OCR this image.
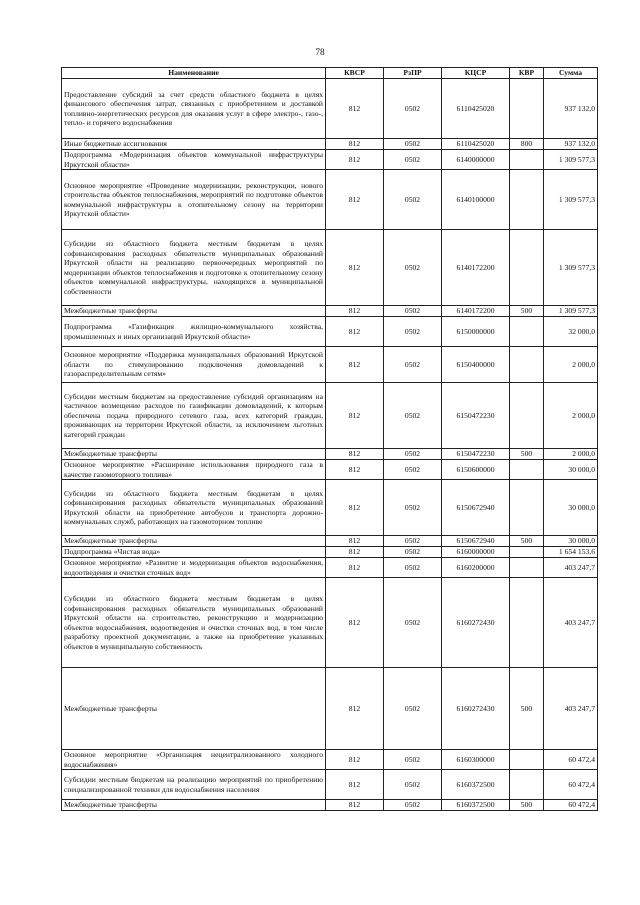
78
Наименование	КВСР	РзПР	КЦСР	КВР	Сумма
Предоставление субсидий за счет средств областного бюджета в целях финансового обеспечения затрат, связанных с приобретением и доставкой топливно-энергетических ресурсов для оказания услуг в сфере электро-, газо-, тепло- и горячего водоснабжения	812	0502	6110425020		937 132,0
Иные бюджетные ассигнования	812	0502	6110425020	800	937 132,0
Подпрограмма «Модернизация объектов коммунальной инфраструктуры Иркутской области»	812	0502	6140000000		1 309 577,3
Основное мероприятие «Проведение модернизации, реконструкции, нового строительства объектов теплоснабжения, мероприятий по подготовке объектов коммунальной инфраструктуры к отопительному сезону на территории Иркутской области»	812	0502	6140100000		1 309 577,3
Субсидии из областного бюджета местным бюджетам в целях софинансирования расходных обязательств муниципальных образований Иркутской области на реализацию первоочередных мероприятий по модернизации объектов теплоснабжения и подготовке к отопительному сезону объектов коммунальной инфраструктуры, находящихся в муниципальной собственности	812	0502	6140172200		1 309 577,3
Межбюджетные трансферты	812	0502	6140172200	500	1 309 577,3
Подпрограмма «Газификация жилищно-коммунального хозяйства, промышленных и иных организаций Иркутской области»	812	0502	6150000000		32 000,0
Основное мероприятие «Поддержка муниципальных образований Иркутской области по стимулированию подключения домовладений к газораспределительным сетям»	812	0502	6150400000		2 000,0
Субсидии местным бюджетам на предоставление субсидий организациям на частичное возмещение расходов по газификации домовладений, к которым обеспечена подача природного сетевого газа, всех категорий граждан, проживающих на территории Иркутской области, за исключением льготных категорий граждан	812	0502	6150472230		2 000,0
Межбюджетные трансферты	812	0502	6150472230	500	2 000,0
Основное мероприятие «Расширение использования природного газа в качестве газомоторного топлива»	812	0502	6150600000		30 000,0
Субсидии из областного бюджета местным бюджетам в целях софинансирования расходных обязательств муниципальных образований Иркутской области на приобретение автобусов и транспорта дорожно-коммунальных служб, работающих на газомоторном топливе	812	0502	6150672940		30 000,0
Межбюджетные трансферты	812	0502	6150672940	500	30 000,0
Подпрограмма «Чистая вода»	812	0502	6160000000		1 654 153,6
Основное мероприятие «Развитие и модернизация объектов водоснабжения, водоотведения и очистки сточных вод»	812	0502	6160200000		403 247,7
Субсидии из областного бюджета местным бюджетам в целях софинансирования расходных обязательств муниципальных образований Иркутской области на строительство, реконструкцию и модернизацию объектов водоснабжения, водоотведения и очистки сточных вод, в том числе разработку проектной документации, а также на приобретение указанных объектов в муниципальную собственность	812	0502	6160272430		403 247,7
Межбюджетные трансферты	812	0502	6160272430	500	403 247,7
Основное мероприятие «Организация нецентрализованного холодного водоснабжения»	812	0502	6160300000		60 472,4
Субсидии местным бюджетам на реализацию мероприятий по приобретению специализированной техники для водоснабжения населения	812	0502	6160372500		60 472,4
Межбюджетные трансферты	812	0502	6160372500	500	60 472,4
